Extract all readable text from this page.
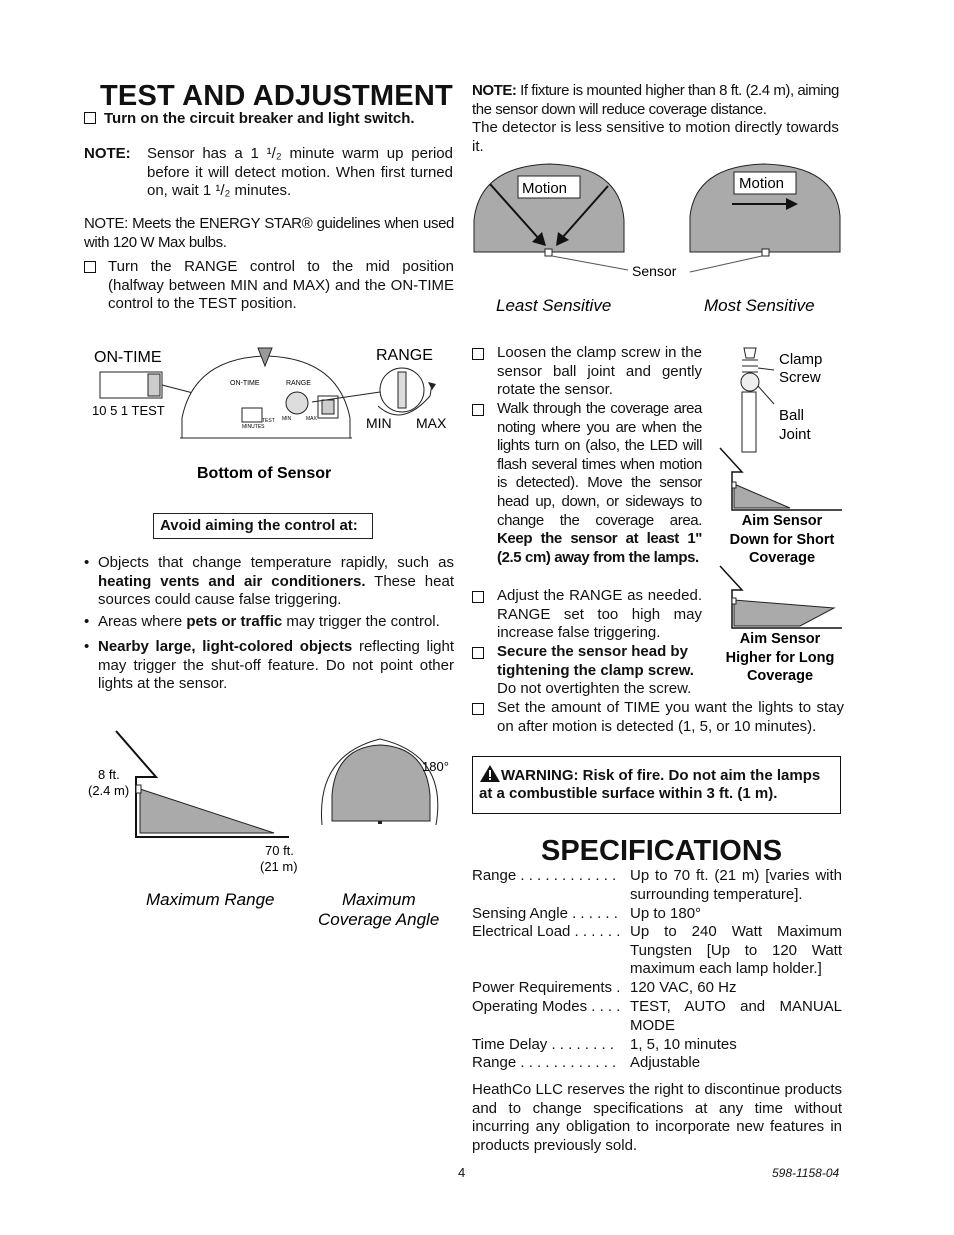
TEST AND ADJUSTMENT
Turn on the circuit breaker and light switch.
NOTE: Sensor has a 1 ¹/₂ minute warm up period before it will detect motion. When first turned on, wait 1 ¹/₂ minutes.
NOTE: Meets the ENERGY STAR® guidelines when used with 120 W Max bulbs.
Turn the RANGE control to the mid position (halfway between MIN and MAX) and the ON-TIME control to the TEST position.
ON-TIME
10 5 1 TEST
ON-TIME	RANGE
MINUTES
TEST MIN	MAX
RANGE
MIN MAX
Bottom of Sensor
Avoid aiming the control at:
• Objects that change temperature rapidly, such as heating vents and air conditioners. These heat sources could cause false triggering.
• Areas where pets or traffic may trigger the control.
• Nearby large, light-colored objects reflecting light may trigger the shut-off feature. Do not point other lights at the sensor.
8 ft.
(2.4 m)
70 ft.
(21 m)
180°
Maximum Range	Maximum
Coverage Angle
NOTE: If fixture is mounted higher than 8 ft. (2.4 m), aiming the sensor down will reduce coverage distance.
The detector is less sensitive to motion directly towards it.
Motion	Motion
Sensor
Least Sensitive	Most Sensitive
Loosen the clamp screw in the sensor ball joint and gently rotate the sensor.
Walk through the coverage area noting where you are when the lights turn on (also, the LED will flash several times when motion is detected). Move the sensor head up, down, or sideways to change the coverage area. Keep the sensor at least 1" (2.5 cm) away from the lamps.
Adjust the RANGE as needed. RANGE set too high may increase false triggering.
Secure the sensor head by tightening the clamp screw. Do not overtighten the screw.
Set the amount of TIME you want the lights to stay on after motion is detected (1, 5, or 10 minutes).
Clamp
Screw
Ball
Joint
Aim Sensor
Down for Short
Coverage
Aim Sensor
Higher for Long
Coverage
WARNING: Risk of fire. Do not aim the lamps at a combustible surface within 3 ft. (1 m).
SPECIFICATIONS
Range . . . . . . . . . . . . Up to 70 ft. (21 m) [varies with surrounding temperature].
Sensing Angle . . . . . . Up to 180°
Electrical Load . . . . . . Up to 240 Watt Maximum Tungsten [Up to 120 Watt maximum each lamp holder.]
Power Requirements . 120 VAC, 60 Hz
Operating Modes . . . . TEST, AUTO and MANUAL MODE
Time Delay . . . . . . . .	1, 5, 10 minutes
Range . . . . . . . . . . . . Adjustable
HeathCo LLC reserves the right to discontinue products and to change specifications at any time without incurring any obligation to incorporate new features in products previously sold.
4	598-1158-04
